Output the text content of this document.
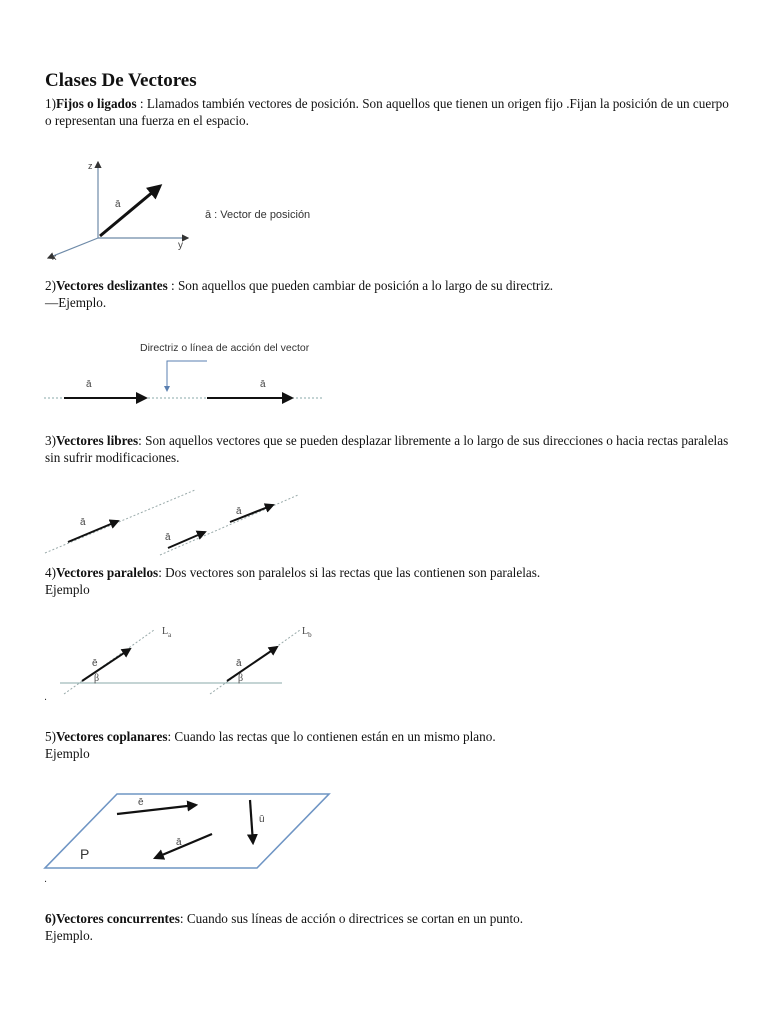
Clases De Vectores

1)Fijos o ligados : Llamados también vectores de posición. Son aquellos que tienen un origen fijo .Fijan la posición de un cuerpo o representan una fuerza en el espacio.

z
y
x
ā
ā : Vector de posición

2)Vectores deslizantes : Son aquellos que pueden cambiar de posición a lo largo de su directriz.
—Ejemplo.

ā	ā
Directriz o línea de acción del vector

3)Vectores libres: Son aquellos vectores que se pueden desplazar libremente a lo largo de sus direcciones o hacia rectas paralelas sin sufrir modificaciones.

ā
ā
ā

4)Vectores paralelos: Dos vectores son paralelos si las rectas que las contienen son paralelas.
Ejemplo

$L_a$	$L_b$
ē	ā
β	β
.

5)Vectores coplanares: Cuando las rectas que lo contienen están en un mismo plano.
Ejemplo

ē
ū
ā
P
.

6)Vectores concurrentes: Cuando sus líneas de acción o directrices se cortan en un punto.
Ejemplo.
